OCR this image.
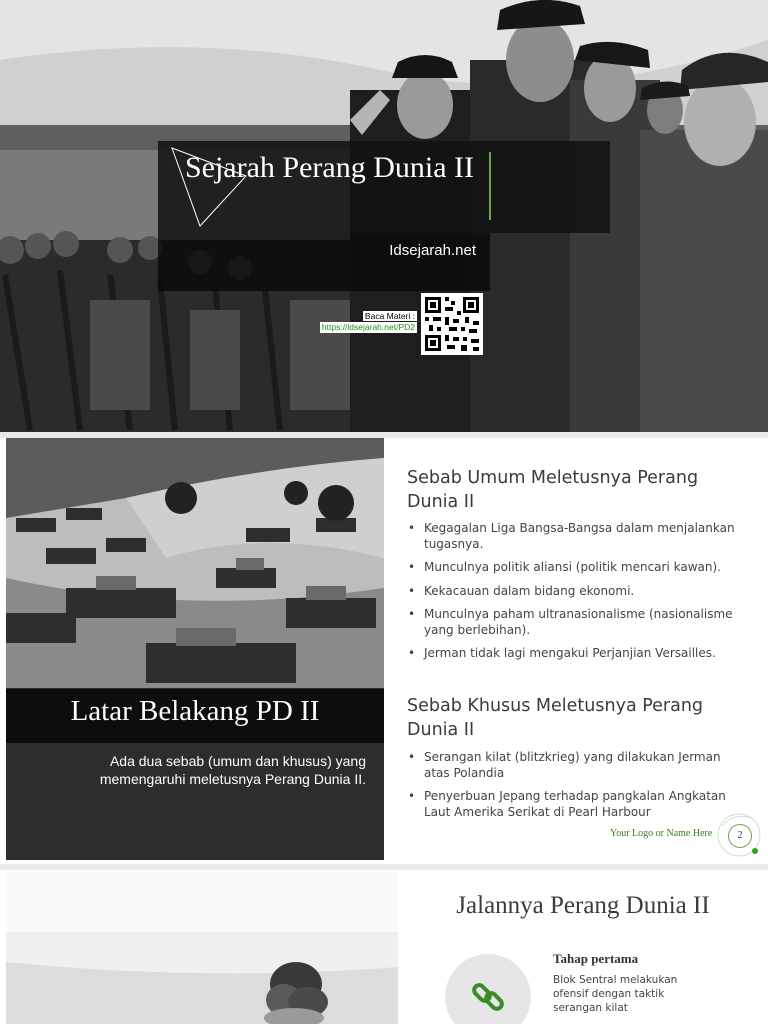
Sejarah Perang Dunia II
Idsejarah.net
Baca Materi :
https://idsejarah.net/PD2
Latar Belakang PD II
Ada dua sebab (umum dan khusus) yang memengaruhi meletusnya Perang Dunia II.
Sebab Umum Meletusnya Perang Dunia II
• Kegagalan Liga Bangsa-Bangsa dalam menjalankan tugasnya.
• Munculnya politik aliansi (politik mencari kawan).
• Kekacauan dalam bidang ekonomi.
• Munculnya paham ultranasionalisme (nasionalisme yang berlebihan).
• Jerman tidak lagi mengakui Perjanjian Versailles.
Sebab Khusus Meletusnya Perang Dunia II
• Serangan kilat (blitzkrieg) yang dilakukan Jerman atas Polandia
• Penyerbuan Jepang terhadap pangkalan Angkatan Laut Amerika Serikat di Pearl Harbour
Your Logo or Name Here	2
Jalannya Perang Dunia II
Tahap pertama
Blok Sentral melakukan ofensif dengan taktik serangan kilat
